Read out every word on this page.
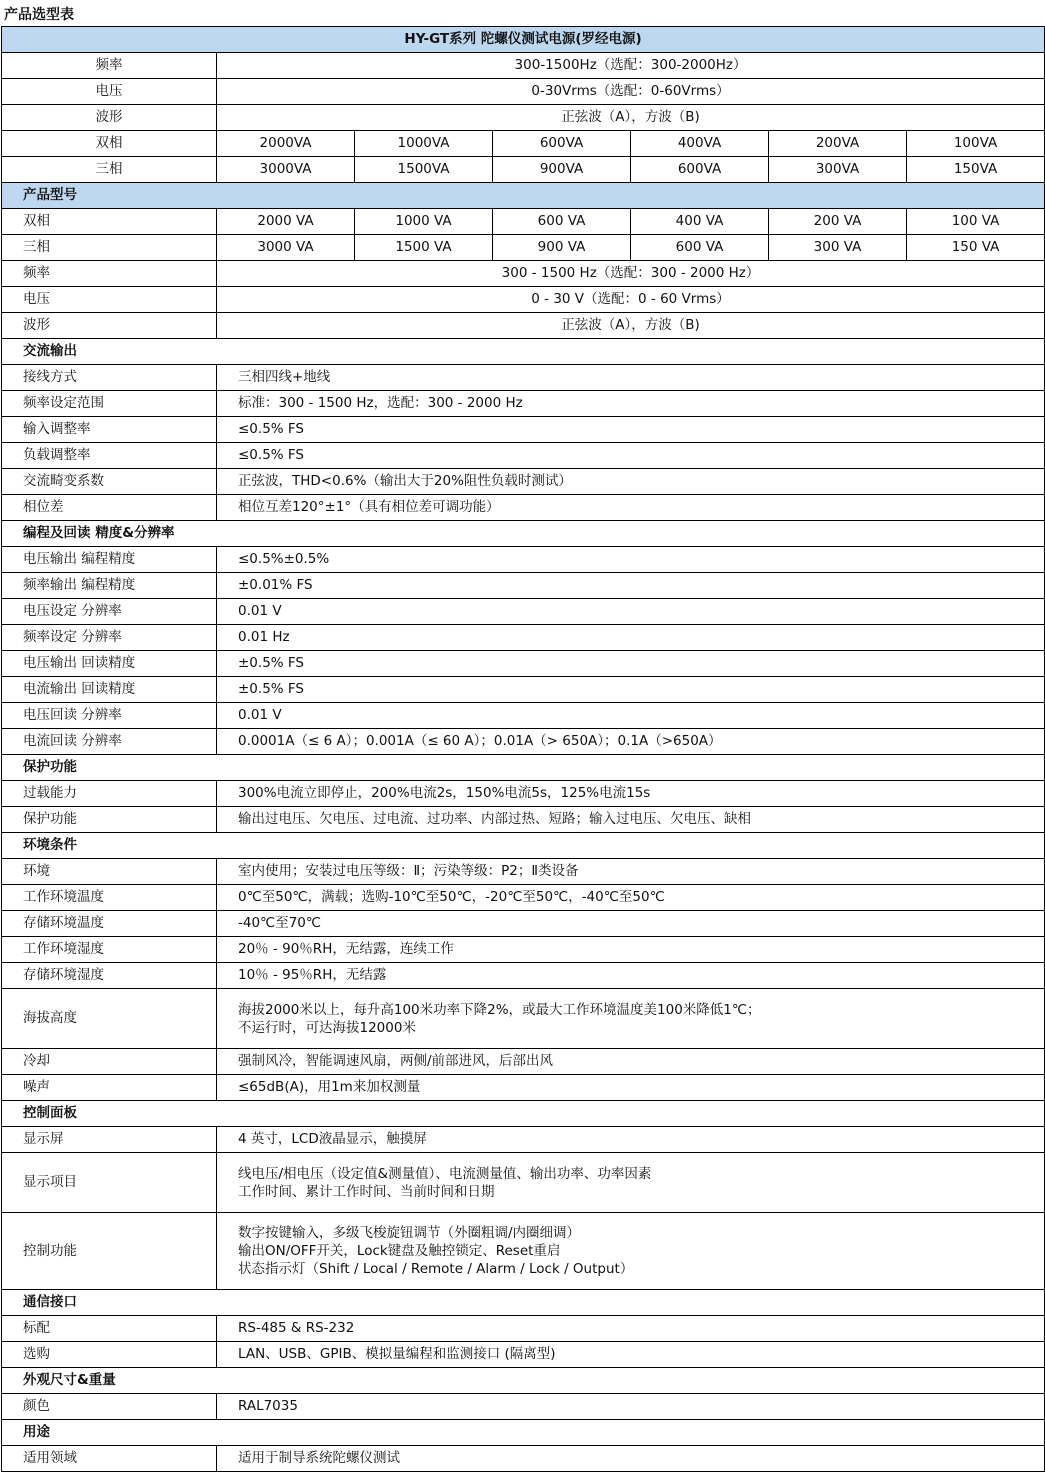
产品选型表
HY-GT系列 陀螺仪测试电源(罗经电源)						
频率	300-1500Hz（选配：300-2000Hz）					
电压	0-30Vrms（选配：0-60Vrms）					
波形	正弦波（A），方波（B)					
双相	2000VA	1000VA	600VA	400VA	200VA	100VA
三相	3000VA	1500VA	900VA	600VA	300VA	150VA
产品型号						
双相	2000 VA	1000 VA	600 VA	400 VA	200 VA	100 VA
三相	3000 VA	1500 VA	900 VA	600 VA	300 VA	150 VA
频率	300 - 1500 Hz（选配：300 - 2000 Hz）					
电压	0 - 30 V（选配：0 - 60 Vrms）					
波形	正弦波（A），方波（B)					
交流输出						
接线方式	三相四线+地线					
频率设定范围	标准：300 - 1500 Hz，选配：300 - 2000 Hz					
输入调整率	≤0.5% FS					
负载调整率	≤0.5% FS					
交流畸变系数	正弦波，THD<0.6%（输出大于20%阻性负载时测试）					
相位差	相位互差120°±1°（具有相位差可调功能）					
编程及回读 精度&分辨率						
电压输出 编程精度	≤0.5%±0.5%					
频率输出 编程精度	±0.01% FS					
电压设定 分辨率	0.01 V					
频率设定 分辨率	0.01 Hz					
电压输出 回读精度	±0.5% FS					
电流输出 回读精度	±0.5% FS					
电压回读 分辨率	0.01 V					
电流回读 分辨率	0.0001A（≤ 6 A）；0.001A（≤ 60 A）；0.01A（> 650A）；0.1A（>650A）					
保护功能						
过载能力	300%电流立即停止，200%电流2s，150%电流5s，125%电流15s					
保护功能	输出过电压、欠电压、过电流、过功率、内部过热、短路；输入过电压、欠电压、缺相					
环境条件						
环境	室内使用；安装过电压等级：Ⅱ；污染等级：P2；Ⅱ类设备					
工作环境温度	0℃至50℃，满载；选购-10℃至50℃，-20℃至50℃，-40℃至50℃					
存储环境温度	-40℃至70℃					
工作环境湿度	20％ - 90％RH，无结露，连续工作					
存储环境湿度	10％ - 95％RH，无结露					
海拔高度	海拔2000米以上，每升高100米功率下降2%，或最大工作环境温度美100米降低1℃；
不运行时，可达海拔12000米					

冷却	强制风冷，智能调速风扇，两侧/前部进风，后部出风					
噪声	≤65dB(A)，用1m来加权测量					
控制面板						
显示屏	4 英寸，LCD液晶显示，触摸屏					
显示项目	线电压/相电压（设定值&测量值）、电流测量值、输出功率、功率因素
工作时间、累计工作时间、当前时间和日期					

控制功能	数字按键输入，多级飞梭旋钮调节（外圈粗调/内圈细调）
输出ON/OFF开关，Lock键盘及触控锁定、Reset重启
状态指示灯（Shift / Local / Remote / Alarm / Lock / Output）					

通信接口						
标配	RS-485 & RS-232					
选购	LAN、USB、GPIB、模拟量编程和监测接口 (隔离型)					
外观尺寸&重量						
颜色	RAL7035					
用途						
适用领域	适用于制导系统陀螺仪测试					
